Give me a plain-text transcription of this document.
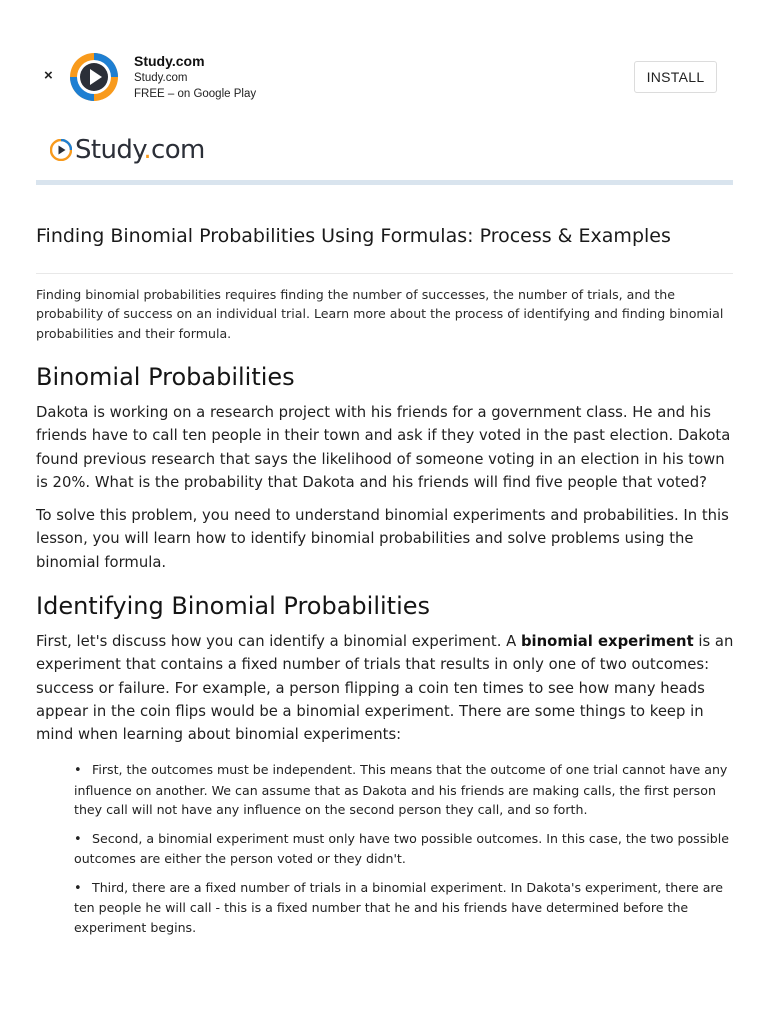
×
Study.com
Study.com
FREE – on Google Play
INSTALL
Study.com
Finding Binomial Probabilities Using Formulas: Process & Examples

Finding binomial probabilities requires finding the number of successes, the number of trials, and the probability of success on an individual trial. Learn more about the process of identifying and finding binomial probabilities and their formula.

Binomial Probabilities

Dakota is working on a research project with his friends for a government class. He and his friends have to call ten people in their town and ask if they voted in the past election. Dakota found previous research that says the likelihood of someone voting in an election in his town is 20%. What is the probability that Dakota and his friends will find five people that voted?

To solve this problem, you need to understand binomial experiments and probabilities. In this lesson, you will learn how to identify binomial probabilities and solve problems using the binomial formula.

Identifying Binomial Probabilities

First, let's discuss how you can identify a binomial experiment. A binomial experiment is an experiment that contains a fixed number of trials that results in only one of two outcomes: success or failure. For example, a person flipping a coin ten times to see how many heads appear in the coin flips would be a binomial experiment. There are some things to keep in mind when learning about binomial experiments:

• First, the outcomes must be independent. This means that the outcome of one trial cannot have any influence on another. We can assume that as Dakota and his friends are making calls, the first person they call will not have any influence on the second person they call, and so forth.
• Second, a binomial experiment must only have two possible outcomes. In this case, the two possible outcomes are either the person voted or they didn't.
• Third, there are a fixed number of trials in a binomial experiment. In Dakota's experiment, there are ten people he will call - this is a fixed number that he and his friends have determined before the experiment begins.
